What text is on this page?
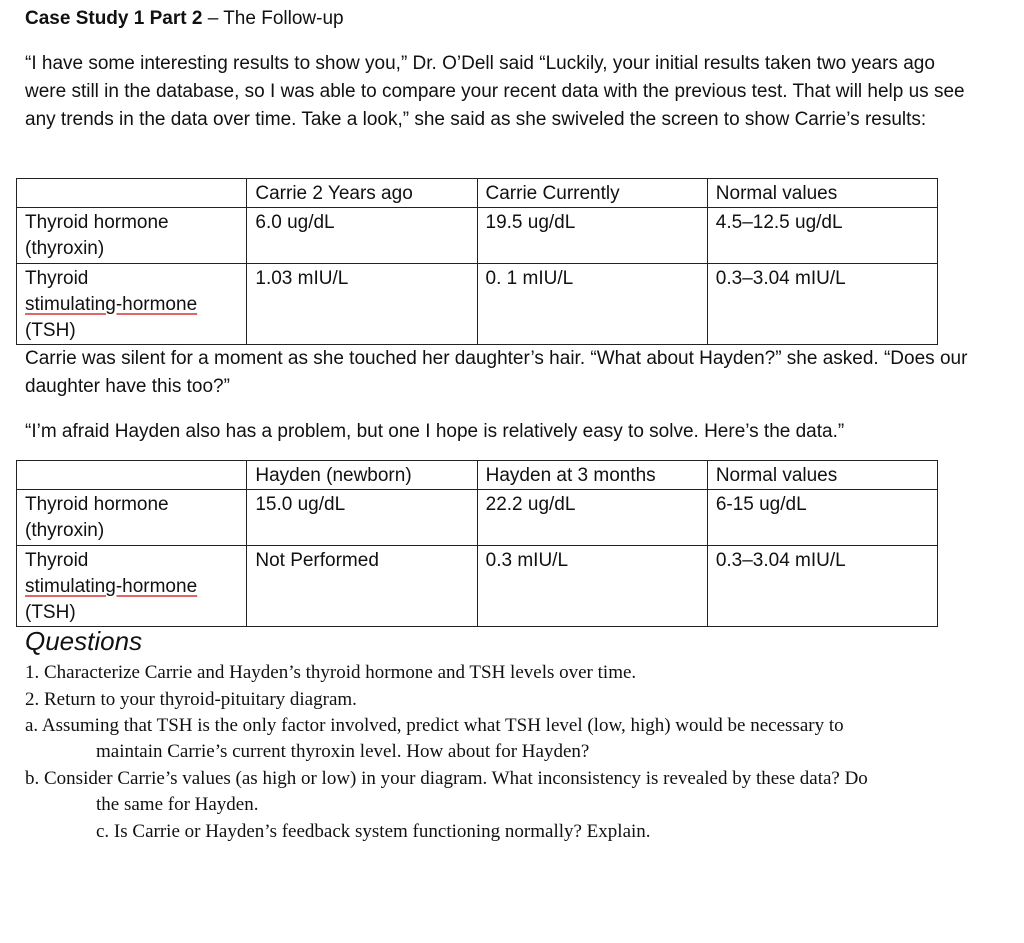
Case Study 1 Part 2 – The Follow-up
“I have some interesting results to show you,” Dr. O’Dell said “Luckily, your initial results taken two years ago were still in the database, so I was able to compare your recent data with the previous test. That will help us see any trends in the data over time. Take a look,” she said as she swiveled the screen to show Carrie’s results:
	Carrie 2 Years ago	Carrie Currently	Normal values

Thyroid hormone
(thyroxin)	6.0 ug/dL	19.5 ug/dL	4.5–12.5 ug/dL

Thyroid
stimulating-hormone
(TSH)	1.03 mIU/L	0. 1 mIU/L	0.3–3.04 mIU/L
Carrie was silent for a moment as she touched her daughter’s hair. “What about Hayden?” she asked. “Does our daughter have this too?”
“I’m afraid Hayden also has a problem, but one I hope is relatively easy to solve. Here’s the data.”
	Hayden (newborn)	Hayden at 3 months	Normal values

Thyroid hormone
(thyroxin)	15.0 ug/dL	22.2 ug/dL	6-15 ug/dL

Thyroid
stimulating-hormone
(TSH)	Not Performed	0.3 mIU/L	0.3–3.04 mIU/L
Questions
1. Characterize Carrie and Hayden’s thyroid hormone and TSH levels over time.
2. Return to your thyroid-pituitary diagram.
a. Assuming that TSH is the only factor involved, predict what TSH level (low, high) would be necessary to
maintain Carrie’s current thyroxin level. How about for Hayden?
b. Consider Carrie’s values (as high or low) in your diagram. What inconsistency is revealed by these data? Do
the same for Hayden.
c. Is Carrie or Hayden’s feedback system functioning normally? Explain.
